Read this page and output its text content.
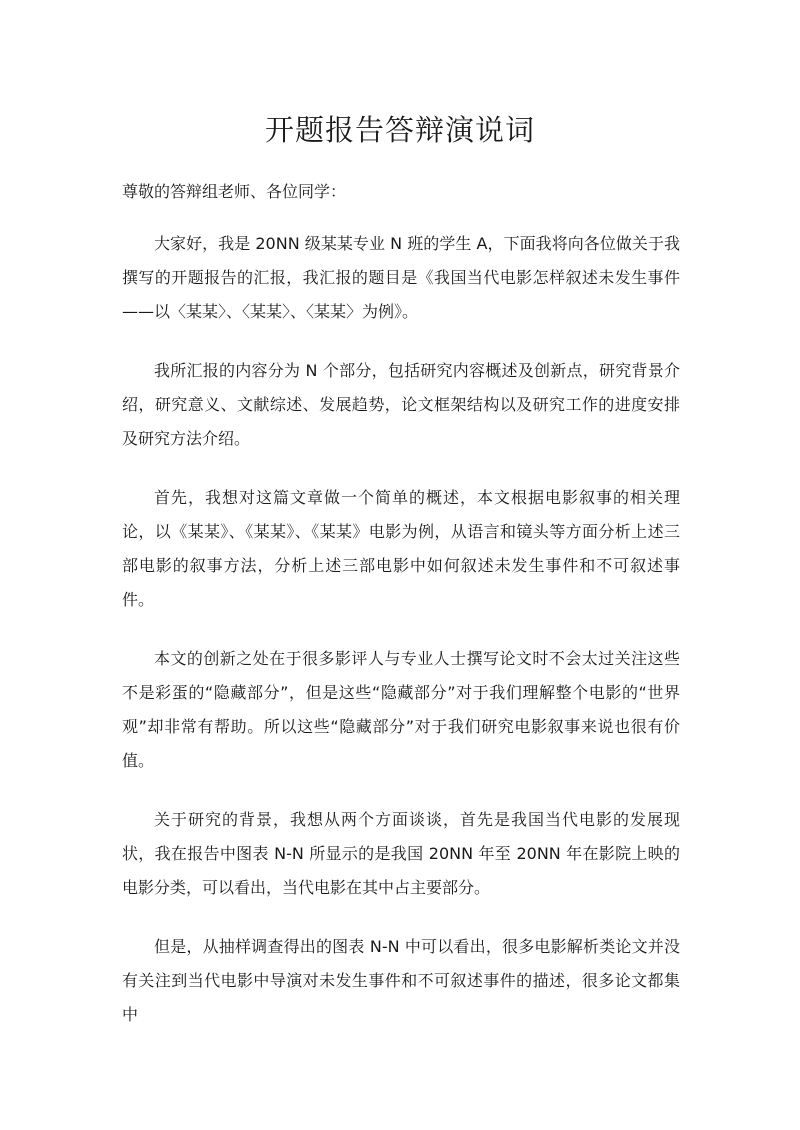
开题报告答辩演说词

尊敬的答辩组老师、各位同学：

大家好，我是 20NN 级某某专业 N 班的学生 A，下面我将向各位做关于我撰写的开题报告的汇报，我汇报的题目是《我国当代电影怎样叙述未发生事件——以〈某某〉、〈某某〉、〈某某〉为例》。

我所汇报的内容分为 N 个部分，包括研究内容概述及创新点，研究背景介绍，研究意义、文献综述、发展趋势，论文框架结构以及研究工作的进度安排及研究方法介绍。

首先，我想对这篇文章做一个简单的概述，本文根据电影叙事的相关理论，以《某某》、《某某》、《某某》电影为例，从语言和镜头等方面分析上述三部电影的叙事方法，分析上述三部电影中如何叙述未发生事件和不可叙述事件。

本文的创新之处在于很多影评人与专业人士撰写论文时不会太过关注这些不是彩蛋的“隐藏部分”，但是这些“隐藏部分”对于我们理解整个电影的“世界观”却非常有帮助。所以这些“隐藏部分”对于我们研究电影叙事来说也很有价值。

关于研究的背景，我想从两个方面谈谈，首先是我国当代电影的发展现状，我在报告中图表 N-N 所显示的是我国 20NN 年至 20NN 年在影院上映的电影分类，可以看出，当代电影在其中占主要部分。

但是，从抽样调查得出的图表 N-N 中可以看出，很多电影解析类论文并没有关注到当代电影中导演对未发生事件和不可叙述事件的描述，很多论文都集中
